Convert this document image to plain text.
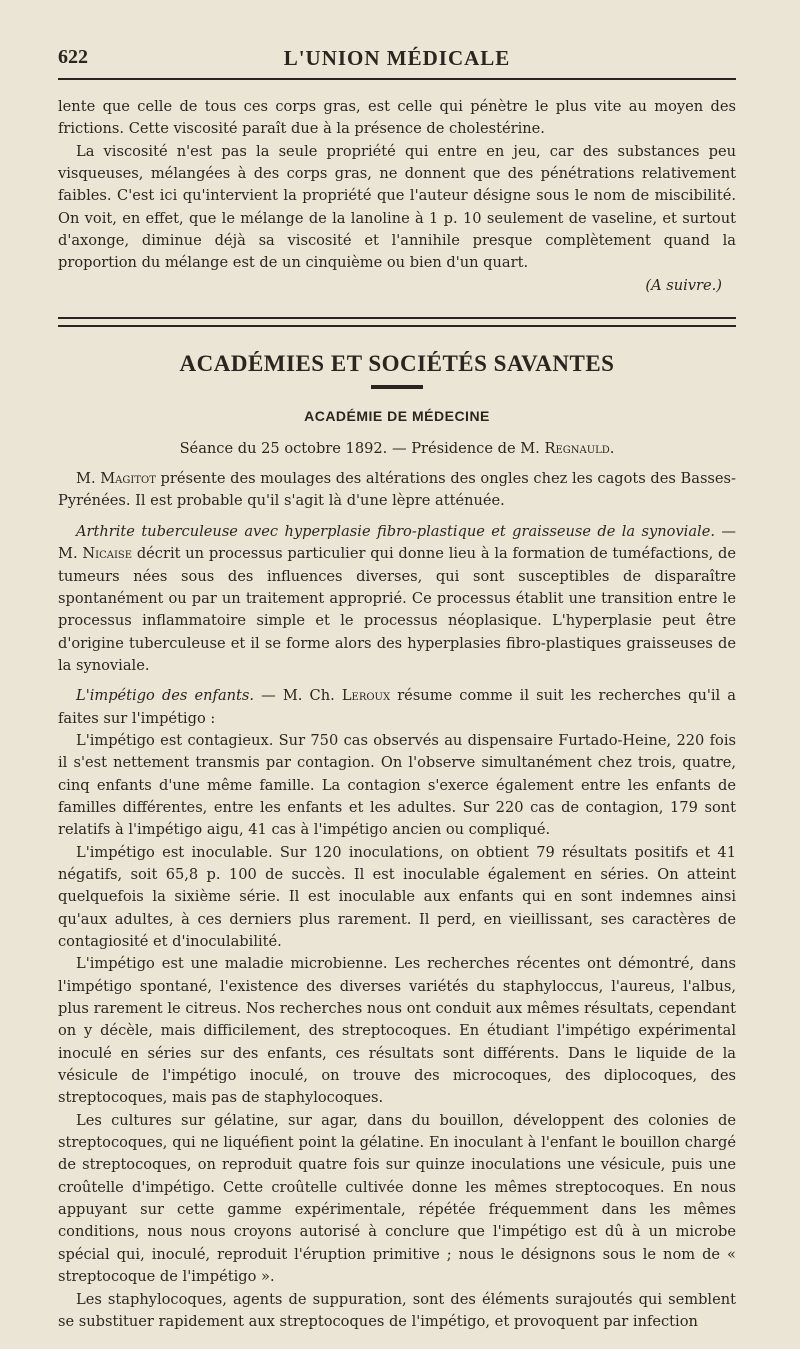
622	L'UNION MÉDICALE

lente que celle de tous ces corps gras, est celle qui pénètre le plus vite au moyen des frictions. Cette viscosité paraît due à la présence de cholestérine.

La viscosité n'est pas la seule propriété qui entre en jeu, car des substances peu visqueuses, mélangées à des corps gras, ne donnent que des pénétrations relativement faibles. C'est ici qu'intervient la propriété que l'auteur désigne sous le nom de miscibilité. On voit, en effet, que le mélange de la lanoline à 1 p. 10 seulement de vaseline, et surtout d'axonge, diminue déjà sa viscosité et l'annihile presque complètement quand la proportion du mélange est de un cinquième ou bien d'un quart.

(A suivre.)

ACADÉMIES ET SOCIÉTÉS SAVANTES
ACADÉMIE DE MÉDECINE
Séance du 25 octobre 1892. — Présidence de M. Regnauld.

M. Magitot présente des moulages des altérations des ongles chez les cagots des Basses-Pyrénées. Il est probable qu'il s'agit là d'une lèpre atténuée.

Arthrite tuberculeuse avec hyperplasie fibro-plastique et graisseuse de la synoviale. — M. Nicaise décrit un processus particulier qui donne lieu à la formation de tuméfactions, de tumeurs nées sous des influences diverses, qui sont susceptibles de disparaître spontanément ou par un traitement approprié. Ce processus établit une transition entre le processus inflammatoire simple et le processus néoplasique. L'hyperplasie peut être d'origine tuberculeuse et il se forme alors des hyperplasies fibro-plastiques graisseuses de la synoviale.

L'impétigo des enfants. — M. Ch. Leroux résume comme il suit les recherches qu'il a faites sur l'impétigo :

L'impétigo est contagieux. Sur 750 cas observés au dispensaire Furtado-Heine, 220 fois il s'est nettement transmis par contagion. On l'observe simultanément chez trois, quatre, cinq enfants d'une même famille. La contagion s'exerce également entre les enfants de familles différentes, entre les enfants et les adultes. Sur 220 cas de contagion, 179 sont relatifs à l'impétigo aigu, 41 cas à l'impétigo ancien ou compliqué.

L'impétigo est inoculable. Sur 120 inoculations, on obtient 79 résultats positifs et 41 négatifs, soit 65,8 p. 100 de succès. Il est inoculable également en séries. On atteint quelquefois la sixième série. Il est inoculable aux enfants qui en sont indemnes ainsi qu'aux adultes, à ces derniers plus rarement. Il perd, en vieillissant, ses caractères de contagiosité et d'inoculabilité.

L'impétigo est une maladie microbienne. Les recherches récentes ont démontré, dans l'impétigo spontané, l'existence des diverses variétés du staphyloccus, l'aureus, l'albus, plus rarement le citreus. Nos recherches nous ont conduit aux mêmes résultats, cependant on y décèle, mais difficilement, des streptocoques. En étudiant l'impétigo expérimental inoculé en séries sur des enfants, ces résultats sont différents. Dans le liquide de la vésicule de l'impétigo inoculé, on trouve des microcoques, des diplocoques, des streptocoques, mais pas de staphylocoques.

Les cultures sur gélatine, sur agar, dans du bouillon, développent des colonies de streptocoques, qui ne liquéfient point la gélatine. En inoculant à l'enfant le bouillon chargé de streptocoques, on reproduit quatre fois sur quinze inoculations une vésicule, puis une croûtelle d'impétigo. Cette croûtelle cultivée donne les mêmes streptocoques. En nous appuyant sur cette gamme expérimentale, répétée fréquemment dans les mêmes conditions, nous nous croyons autorisé à conclure que l'impétigo est dû à un microbe spécial qui, inoculé, reproduit l'éruption primitive ; nous le désignons sous le nom de « streptocoque de l'impétigo ».

Les staphylocoques, agents de suppuration, sont des éléments surajoutés qui semblent se substituer rapidement aux streptocoques de l'impétigo, et provoquent par infection
